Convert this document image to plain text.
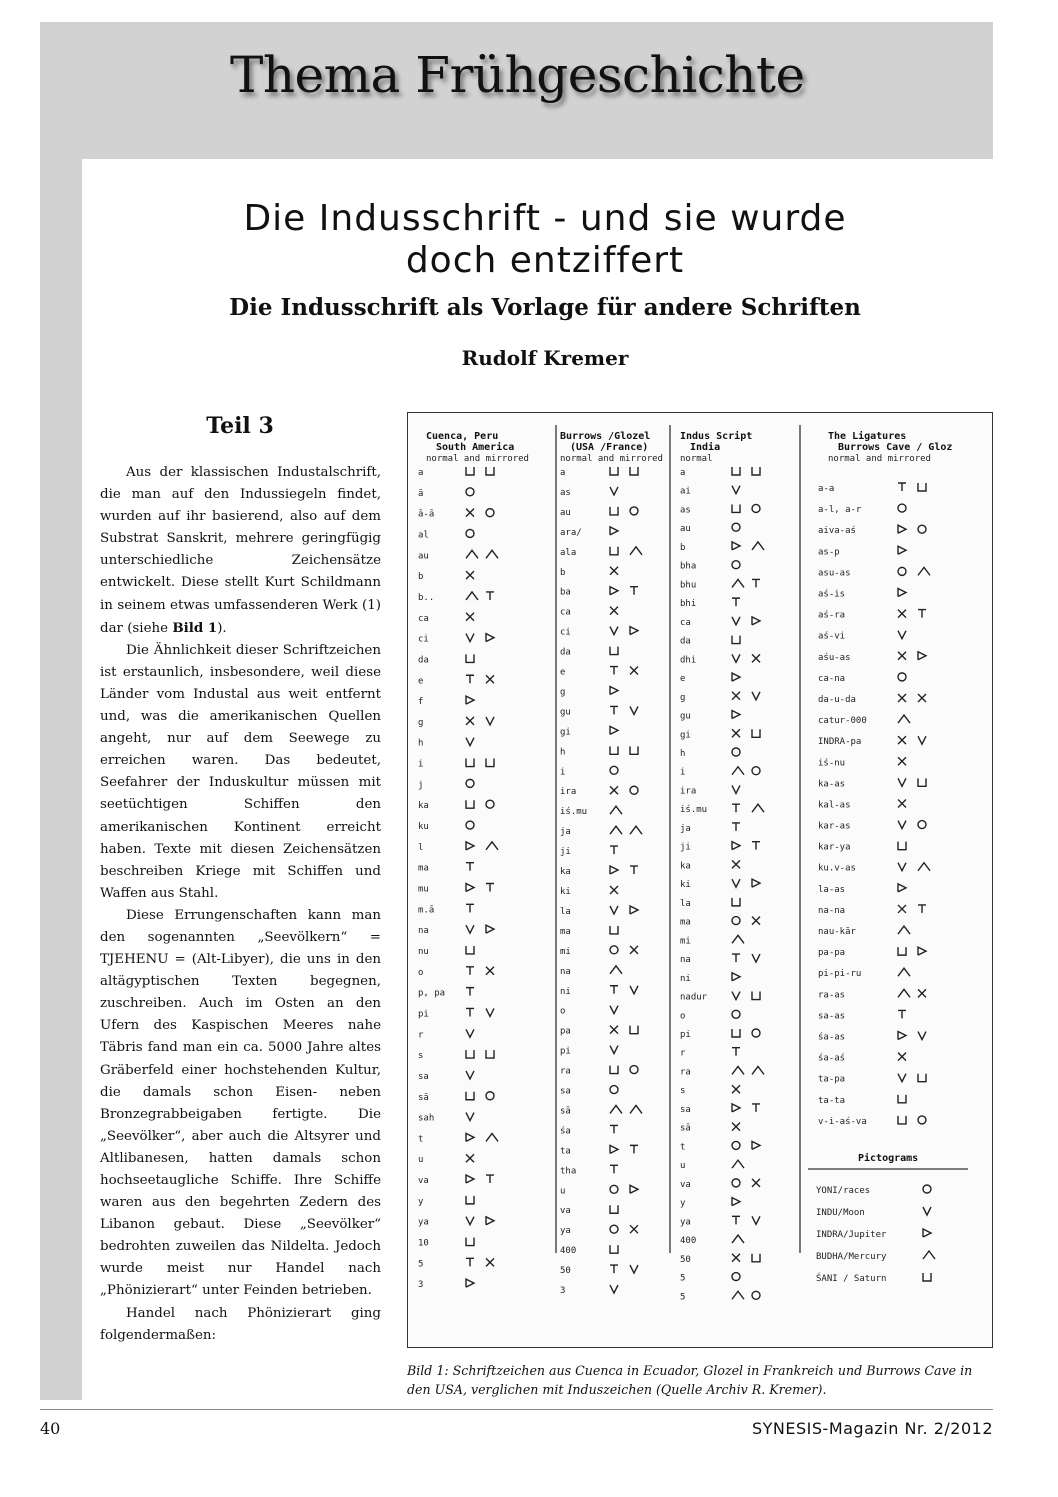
Thema Frühgeschichte
Die Indusschrift - und sie wurde
doch entziffert
Die Indusschrift als Vorlage für andere Schriften
Rudolf Kremer
Teil 3

Aus der klassischen Industalschrift, die man auf den Indussiegeln findet, wurden auf ihr basierend, also auf dem Substrat Sanskrit, mehrere geringfügig unterschiedliche Zeichensätze entwickelt. Diese stellt Kurt Schildmann in seinem etwas umfassenderen Werk (1) dar (siehe Bild 1).

Die Ähnlichkeit dieser Schriftzeichen ist erstaunlich, insbesondere, weil diese Länder vom Industal aus weit entfernt und, was die amerikanischen Quellen angeht, nur auf dem Seewege zu erreichen waren. Das bedeutet, Seefahrer der Induskultur müssen mit seetüchtigen Schiffen den amerikanischen Kontinent erreicht haben. Texte mit diesen Zeichensätzen beschreiben Kriege mit Schiffen und Waffen aus Stahl.

Diese Errungenschaften kann man den sogenannten „Seevölkern“ = TJEHENU = (Alt-Libyer), die uns in den altägyptischen Texten begegnen, zuschreiben. Auch im Osten an den Ufern des Kaspischen Meeres nahe Täbris fand man ein ca. 5000 Jahre altes Gräberfeld einer hochstehenden Kultur, die damals schon Eisen- neben Bronzegrabbeigaben fertigte. Die „Seevölker“, aber auch die Altsyrer und Altlibanesen, hatten damals schon hochseetaugliche Schiffe. Ihre Schiffe waren aus den begehrten Zedern des Libanon gebaut. Diese „Seevölker“ bedrohten zuweilen das Nildelta. Jedoch wurde meist nur Handel nach „Phönizierart“ unter Feinden betrieben.

Handel nach Phönizierart ging folgendermaßen:

Cuenca, Peru
South America
normal and mirrored
Burrows /Glozel
(USA /France)
normal and mirrored
Indus Script
India
normal
The Ligatures
Burrows Cave / Gloz
normal and mirrored
a
ā
ā-ā
al
au
b
b..
ca
ci
da
e
f
g
h
i
j
ka
ku
l
ma
mu
m.ā
na
nu
o
p, pa
pi
r
s
sa
sā
sah
t
u
va
y
ya
10
5
3
a
as
au
ara/
ala
b
ba
ca
ci
da
e
g
gu
gi
h
i
ira
iś.mu
ja
ji
ka
ki
la
ma
mi
na
ni
o
pa
pi
ra
sa
sā
śa
ta
tha
u
va
ya
400
50
3
a
ai
as
au
b
bha
bhu
bhi
ca
da
dhi
e
g
gu
gi
h
i
ira
iś.mu
ja
ji
ka
ki
la
ma
mi
na
ni
nadur
o
pi
r
ra
s
sa
sā
t
u
va
y
ya
400
50
5
5
a-a
a-l, a-r
aiva-aś
as-p
asu-as
aś-is
aś-ra
aś-vi
aśu-as
ca-na
da-u-da
catur-000
INDRA-pa
iś-nu
ka-as
kal-as
kar-as
kar-ya
ku.v-as
la-as
na-na
nau-kār
pa-pa
pi-pi-ru
ra-as
sa-as
śa-as
śa-aś
ta-pa
ta-ta
v-i-aś-va
Pictograms
YONI/races
INDU/Moon
INDRA/Jupiter
BUDHA/Mercury
ŚANI / Saturn
Bild 1: Schriftzeichen aus Cuenca in Ecuador, Glozel in Frankreich und Burrows Cave in den USA, verglichen mit Induszeichen (Quelle Archiv R. Kremer).
40	SYNESIS-Magazin Nr. 2/2012
